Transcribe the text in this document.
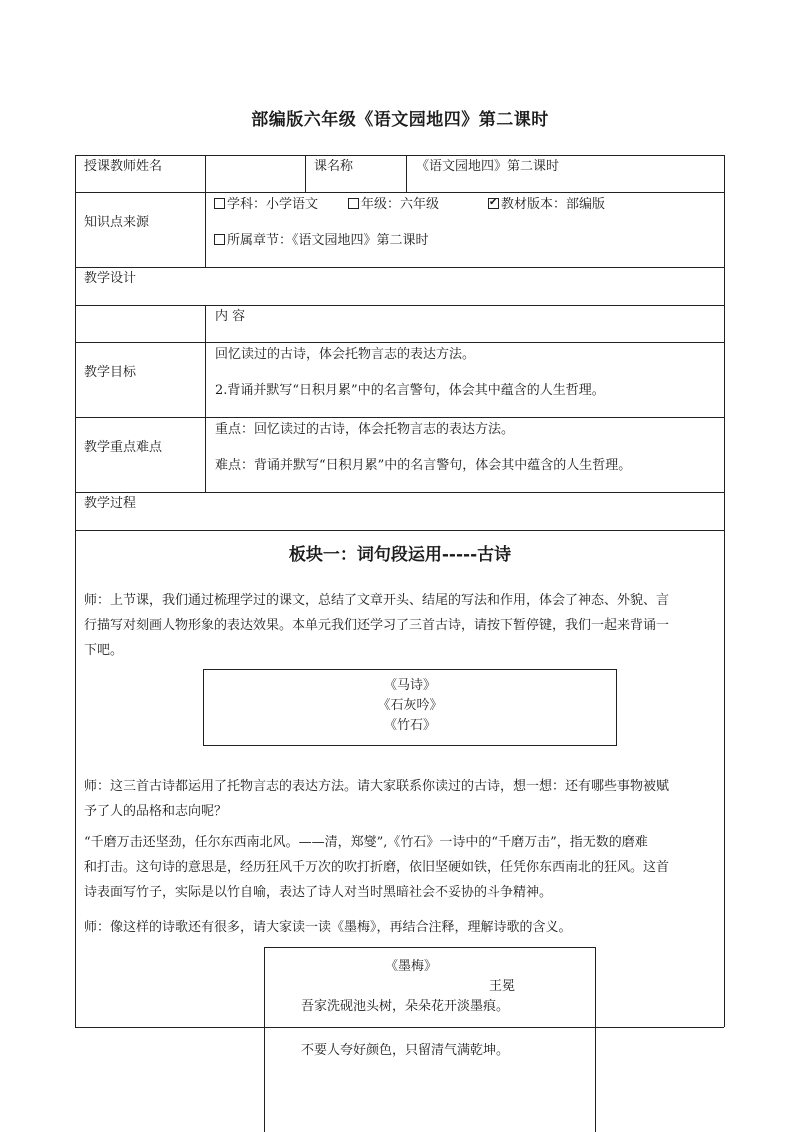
部编版六年级《语文园地四》第二课时
授课教师姓名	课名称	《语文园地四》第二课时
知识点来源
学科：小学语文	年级：六年级
✔	教材版本：部编版
所属章节：《语文园地四》第二课时
教学设计
内 容
教学目标
回忆读过的古诗，体会托物言志的表达方法。
2.背诵并默写“日积月累”中的名言警句，体会其中蕴含的人生哲理。
教学重点难点
重点：回忆读过的古诗，体会托物言志的表达方法。
难点：背诵并默写“日积月累”中的名言警句，体会其中蕴含的人生哲理。
教学过程
板块一：词句段运用-----古诗
师：上节课，我们通过梳理学过的课文，总结了文章开头、结尾的写法和作用，体会了神态、外貌、言
行描写对刻画人物形象的表达效果。本单元我们还学习了三首古诗，请按下暂停键，我们一起来背诵一
下吧。
《马诗》
《石灰吟》
《竹石》
师：这三首古诗都运用了托物言志的表达方法。请大家联系你读过的古诗，想一想：还有哪些事物被赋
予了人的品格和志向呢？
“千磨万击还坚劲，任尔东西南北风。——清，郑燮”,《竹石》一诗中的“千磨万击”，指无数的磨难
和打击。这句诗的意思是，经历狂风千万次的吹打折磨，依旧坚硬如铁，任凭你东西南北的狂风。这首
诗表面写竹子，实际是以竹自喻，表达了诗人对当时黑暗社会不妥协的斗争精神。
师：像这样的诗歌还有很多，请大家读一读《墨梅》，再结合注释，理解诗歌的含义。
《墨梅》
王冕
吾家洗砚池头树，朵朵花开淡墨痕。
不要人夸好颜色，只留清气满乾坤。
